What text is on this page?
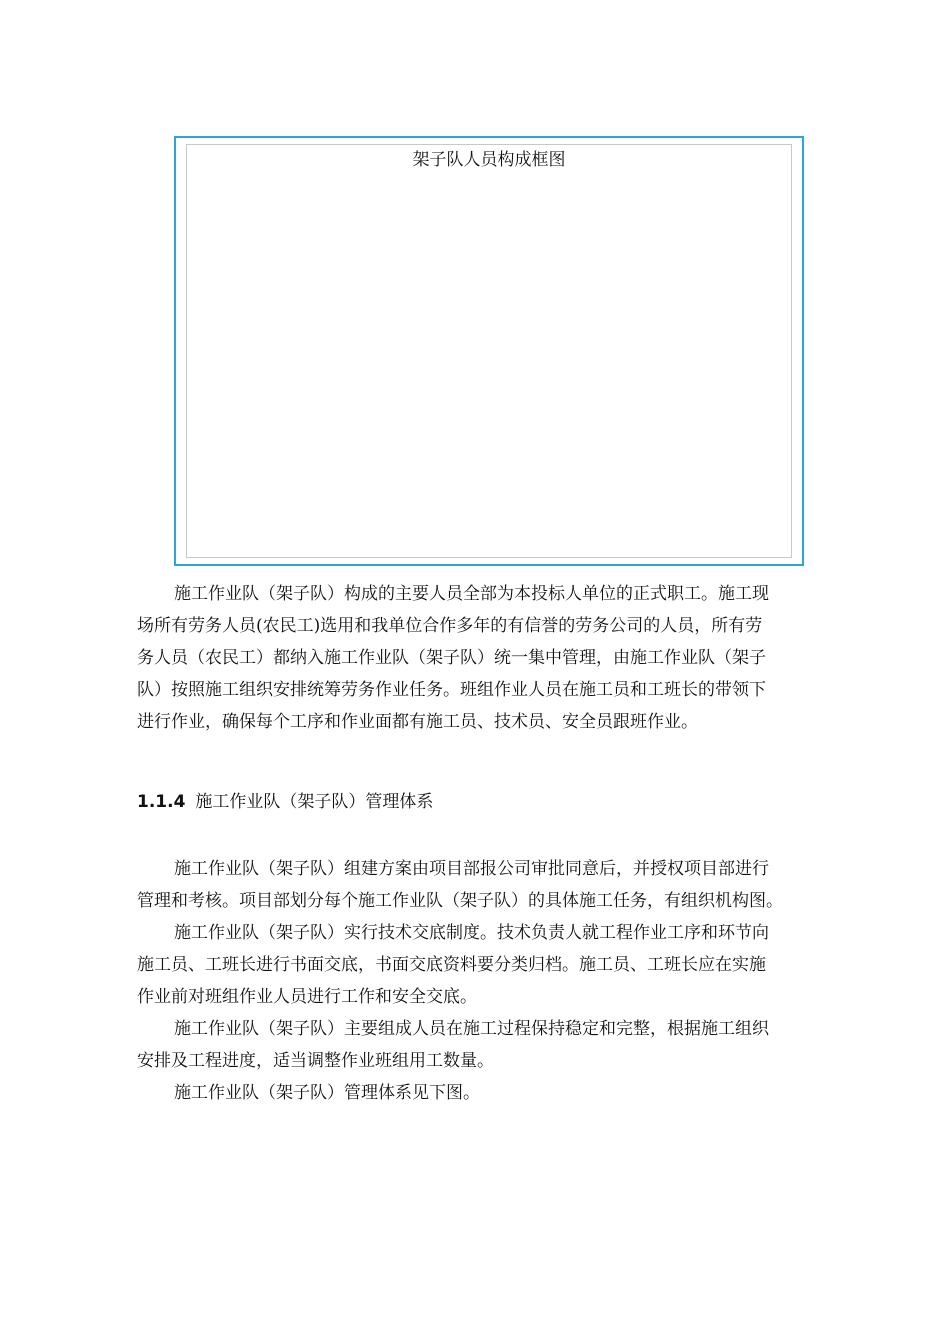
架子队人员构成框图

施工作业队（架子队）构成的主要人员全部为本投标人单位的正式职工。施工现
场所有劳务人员(农民工)选用和我单位合作多年的有信誉的劳务公司的人员，所有劳
务人员（农民工）都纳入施工作业队（架子队）统一集中管理，由施工作业队（架子
队）按照施工组织安排统筹劳务作业任务。班组作业人员在施工员和工班长的带领下
进行作业，确保每个工序和作业面都有施工员、技术员、安全员跟班作业。

1.1.4 施工作业队（架子队）管理体系

施工作业队（架子队）组建方案由项目部报公司审批同意后，并授权项目部进行
管理和考核。项目部划分每个施工作业队（架子队）的具体施工任务，有组织机构图。

施工作业队（架子队）实行技术交底制度。技术负责人就工程作业工序和环节向
施工员、工班长进行书面交底，书面交底资料要分类归档。施工员、工班长应在实施
作业前对班组作业人员进行工作和安全交底。

施工作业队（架子队）主要组成人员在施工过程保持稳定和完整，根据施工组织
安排及工程进度，适当调整作业班组用工数量。

施工作业队（架子队）管理体系见下图。
